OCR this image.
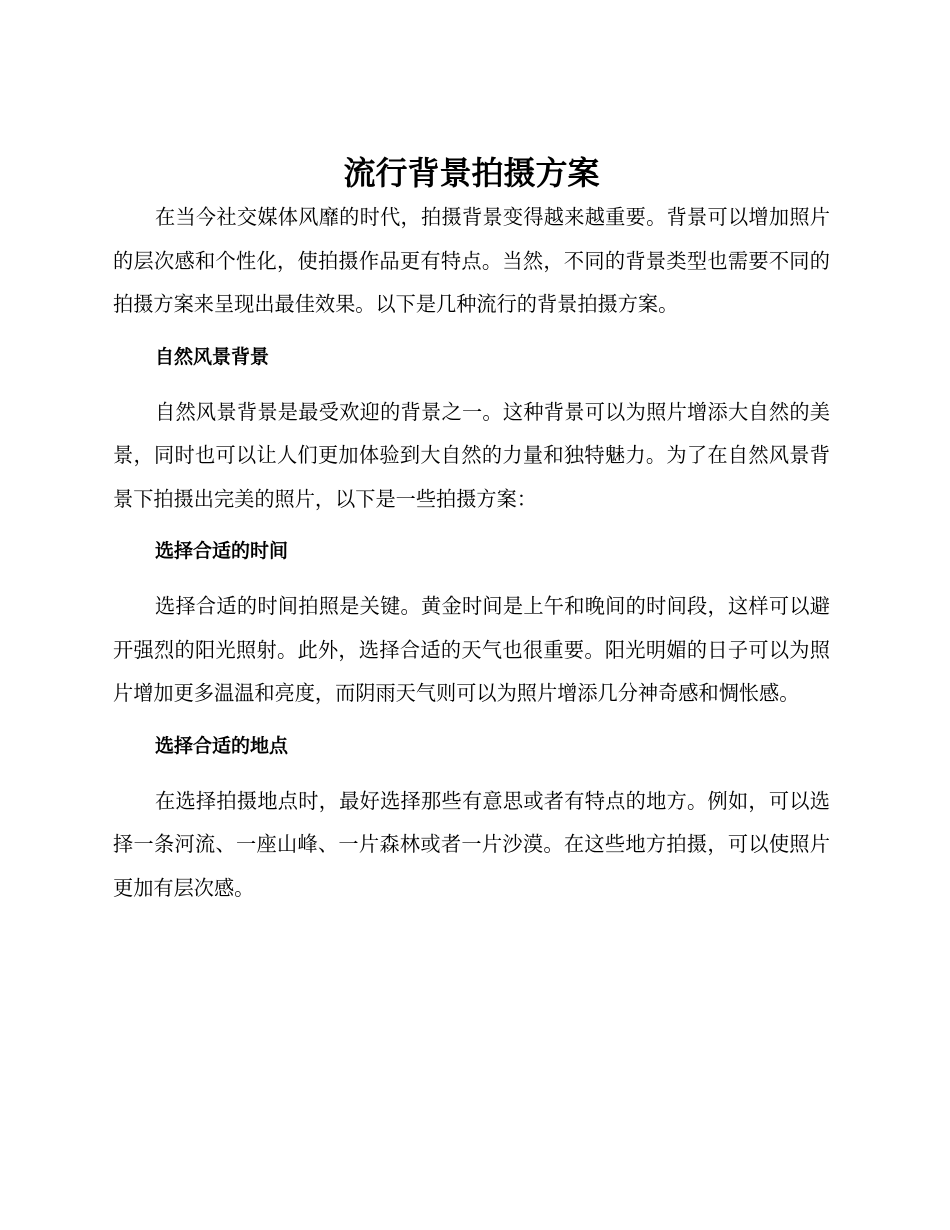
流行背景拍摄方案

在当今社交媒体风靡的时代，拍摄背景变得越来越重要。背景可以增加照片的层次感和个性化，使拍摄作品更有特点。当然，不同的背景类型也需要不同的拍摄方案来呈现出最佳效果。以下是几种流行的背景拍摄方案。

自然风景背景

自然风景背景是最受欢迎的背景之一。这种背景可以为照片增添大自然的美景，同时也可以让人们更加体验到大自然的力量和独特魅力。为了在自然风景背景下拍摄出完美的照片，以下是一些拍摄方案：

选择合适的时间

选择合适的时间拍照是关键。黄金时间是上午和晚间的时间段，这样可以避开强烈的阳光照射。此外，选择合适的天气也很重要。阳光明媚的日子可以为照片增加更多温温和亮度，而阴雨天气则可以为照片增添几分神奇感和惆怅感。

选择合适的地点

在选择拍摄地点时，最好选择那些有意思或者有特点的地方。例如，可以选择一条河流、一座山峰、一片森林或者一片沙漠。在这些地方拍摄，可以使照片更加有层次感。
